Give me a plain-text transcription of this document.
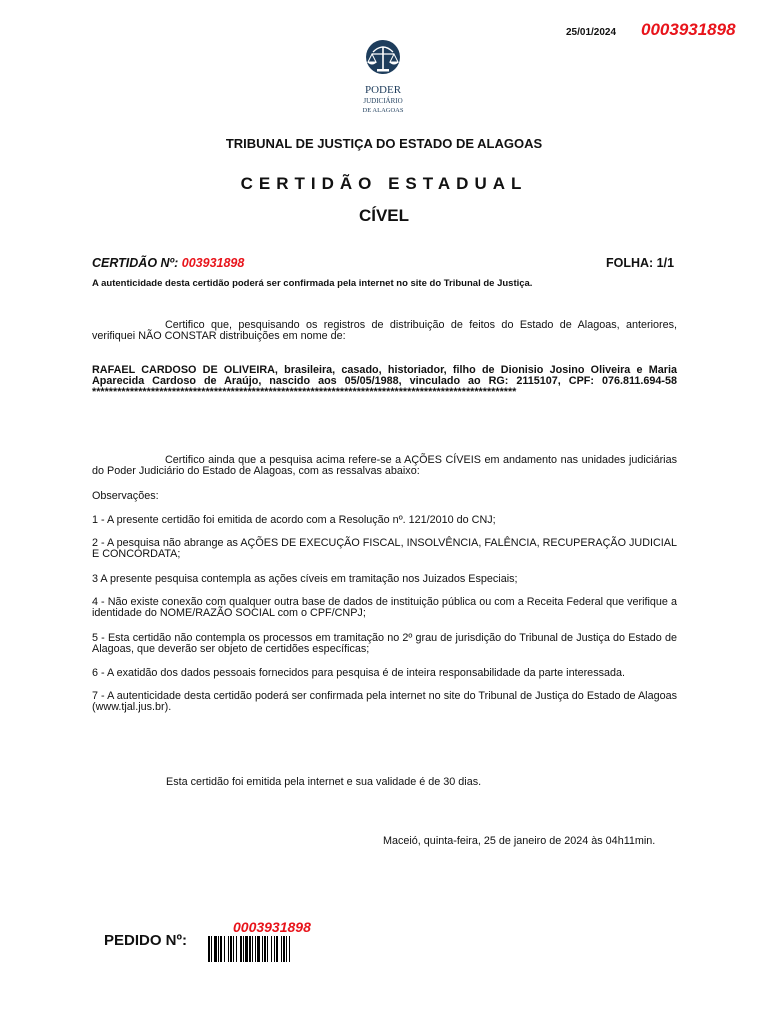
25/01/2024 0003931898
PODER
JUDICIÁRIO
DE ALAGOAS
TRIBUNAL DE JUSTIÇA DO ESTADO DE ALAGOAS
CERTIDÃO ESTADUAL
CÍVEL
CERTIDÃO Nº: 003931898	FOLHA: 1/1
A autenticidade desta certidão poderá ser confirmada pela internet no site do Tribunal de Justiça.
Certifico que, pesquisando os registros de distribuição de feitos do Estado de Alagoas, anteriores, verifiquei NÃO CONSTAR distribuições em nome de:
RAFAEL CARDOSO DE OLIVEIRA, brasileira, casado, historiador, filho de Dionisio Josino Oliveira e Maria Aparecida Cardoso de Araújo, nascido aos 05/05/1988, vinculado ao RG: 2115107, CPF: 076.811.694-58 *****************************************************************************************************
Certifico ainda que a pesquisa acima refere-se a AÇÕES CÍVEIS em andamento nas unidades judiciárias do Poder Judiciário do Estado de Alagoas, com as ressalvas abaixo:
Observações:
1 - A presente certidão foi emitida de acordo com a Resolução nº. 121/2010 do CNJ;
2 - A pesquisa não abrange as AÇÕES DE EXECUÇÃO FISCAL, INSOLVÊNCIA, FALÊNCIA, RECUPERAÇÃO JUDICIAL E CONCORDATA;
3 A presente pesquisa contempla as ações cíveis em tramitação nos Juizados Especiais;
4 - Não existe conexão com qualquer outra base de dados de instituição pública ou com a Receita Federal que verifique a identidade do NOME/RAZÃO SOCIAL com o CPF/CNPJ;
5 - Esta certidão não contempla os processos em tramitação no 2º grau de jurisdição do Tribunal de Justiça do Estado de Alagoas, que deverão ser objeto de certidões específicas;
6 - A exatidão dos dados pessoais fornecidos para pesquisa é de inteira responsabilidade da parte interessada.
7 - A autenticidade desta certidão poderá ser confirmada pela internet no site do Tribunal de Justiça do Estado de Alagoas (www.tjal.jus.br).
Esta certidão foi emitida pela internet e sua validade é de 30 dias.
Maceió, quinta-feira, 25 de janeiro de 2024 às 04h11min.
PEDIDO Nº:
0003931898
